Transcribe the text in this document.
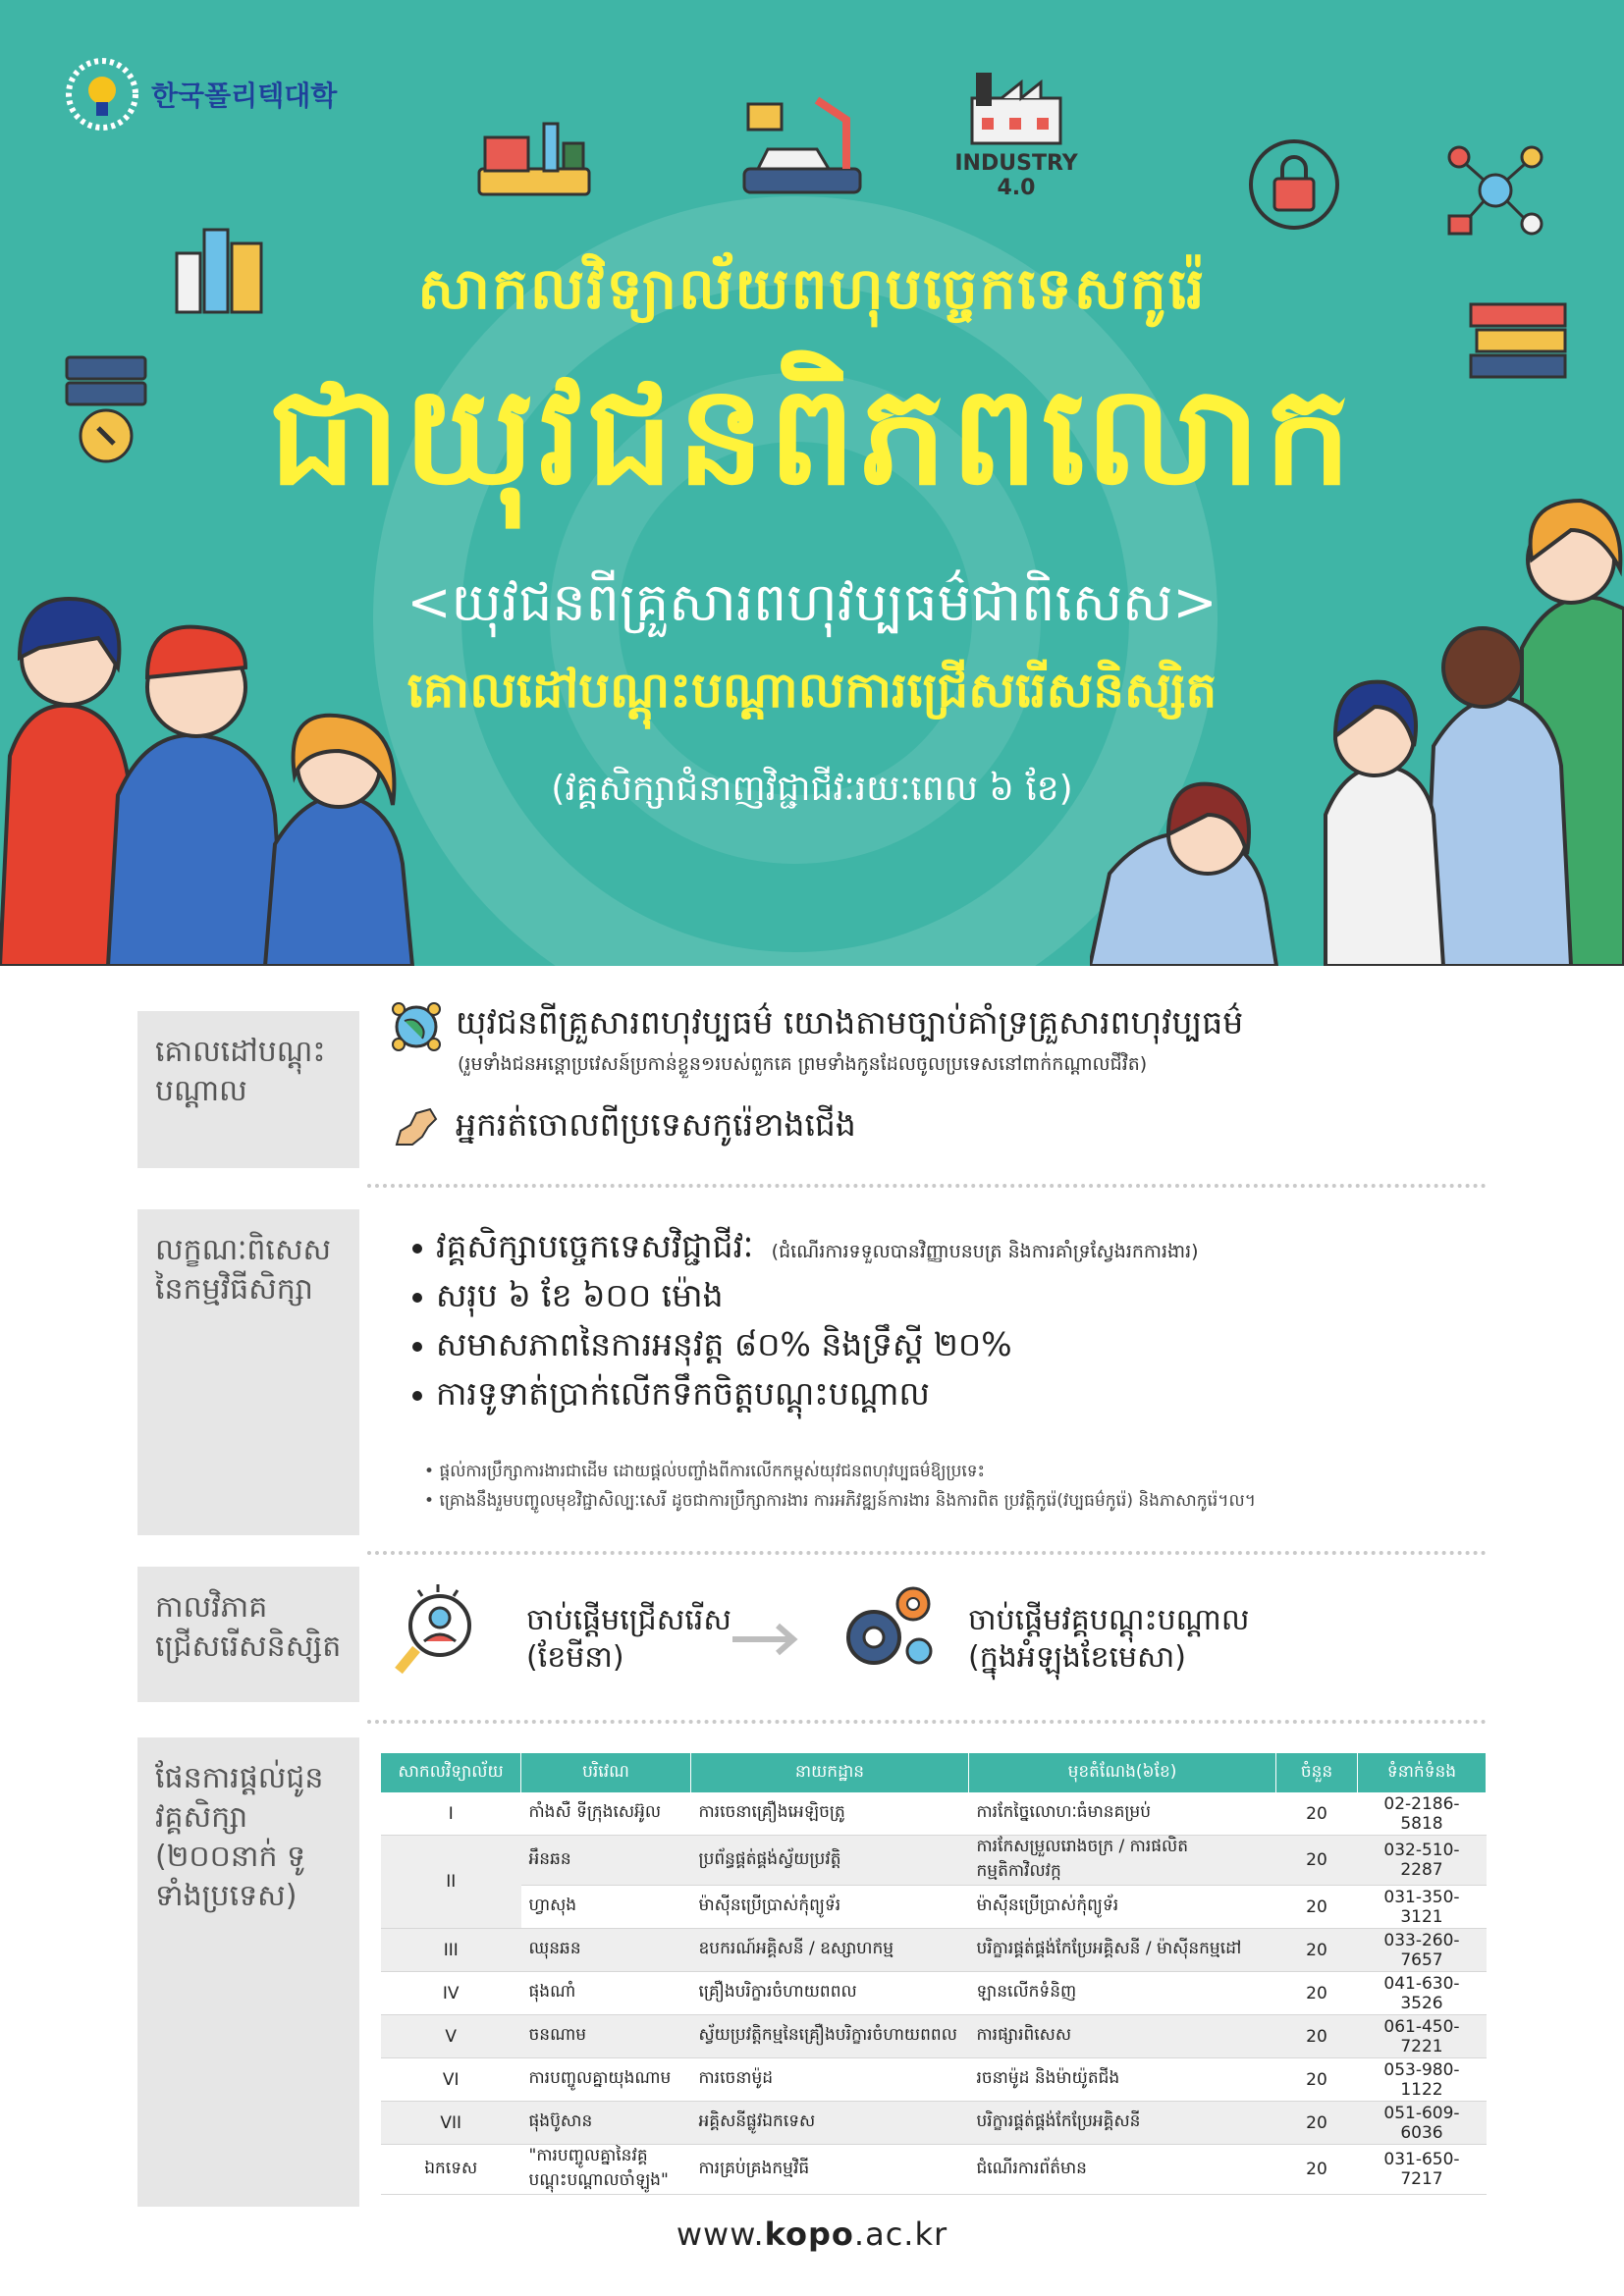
한국폴리텍대학
INDUSTRY
4.0
សាកលវិទ្យាល័យពហុបច្ចេកទេសកូរ៉េ
ជាយុវជនពិភពលោក
<យុវជនពីគ្រួសារពហុវប្បធម៌ជាពិសេស>
គោលដៅបណ្ដុះបណ្ដាលការជ្រើសរើសនិស្សិត
(វគ្គសិក្សាជំនាញវិជ្ជាជីវៈរយៈពេល ៦ ខែ)
គោលដៅបណ្ដុះបណ្ដាល
យុវជនពីគ្រួសារពហុវប្បធម៌ យោងតាមច្បាប់គាំទ្រគ្រួសារពហុវប្បធម៌
(រួមទាំងជនអន្តោប្រវេសន៍ប្រកាន់ខ្លួន១របស់ពួកគេ ព្រមទាំងកូនដែលចូលប្រទេសនៅពាក់កណ្ដាលជីវិត)
អ្នករត់ចោលពីប្រទេសកូរ៉េខាងជើង
លក្ខណៈពិសេសនៃកម្មវិធីសិក្សា
វគ្គសិក្សាបច្ចេកទេសវិជ្ជាជីវៈ (ជំណើរការទទួលបានវិញ្ញាបនបត្រ និងការគាំទ្រស្វែងរកការងារ)
សរុប ៦ ខែ ៦០០ ម៉ោង
សមាសភាពនៃការអនុវត្ត ៨០% និងទ្រឹស្តី ២០%
ការទូទាត់ប្រាក់លើកទឹកចិត្តបណ្ដុះបណ្ដាល
• ផ្ដល់ការប្រឹក្សាការងារជាដើម ដោយផ្តល់បញ្ចាំងពីការលើកកម្ពស់យុវជនពហុវប្បធម៌ឱ្យប្រទេះ
• គ្រោងនឹងរួមបញ្ចូលមុខវិជ្ជាសិល្បៈសេរី ដូចជាការប្រឹក្សាការងារ ការអភិវឌ្ឍន៍ការងារ និងការពិត ប្រវត្តិកូរ៉េ(វប្បធម៌កូរ៉េ) និងភាសាកូរ៉េ។ល។
កាលវិភាគជ្រើសរើសនិស្សិត
ចាប់ផ្តើមជ្រើសរើស
(ខែមីនា)
ចាប់ផ្ដើមវគ្គបណ្ដុះបណ្ដាល
(ក្នុងអំឡុងខែមេសា)
ផែនការផ្ដល់ជូនវគ្គសិក្សា (២០០នាក់ ទូទាំងប្រទេស)
សាកលវិទ្យាល័យ	បរិវេណ	នាយកដ្ឋាន	មុខតំណែង(៦ខែ)	ចំនួន	ទំនាក់ទំនង
I	កាំងសឺ ទីក្រុងសេអ៊ូល	ការចេនាគ្រឿងអេឡិចត្រូ	ការកែច្នៃលោហៈធំមានគម្រប់	20	02-2186-5818
II	អឹនឆន	ប្រព័ន្ធផ្គត់ផ្គង់ស្វ័យប្រវត្តិ	ការកែសម្រួលរោងចក្រ / ការផលិតកម្មតិកាវិលវក្ក	20	032-510-2287
	ហ្វាសុង	ម៉ាស៊ីនប្រើប្រាស់កុំព្យូទ័រ	ម៉ាស៊ីនប្រើប្រាស់កុំព្យូទ័រ	20	031-350-3121
III	ឈុនឆន	ឧបករណ៍អគ្គិសនី / ឧស្សាហកម្ម	បរិក្ខារផ្គត់ផ្គង់កែប្រែអគ្គិសនី / ម៉ាស៊ីនកម្មដៅ	20	033-260-7657
IV	ផុងណាំ	គ្រឿងបរិក្ខារចំហាយពពល	ឡានលើកទំនិញ	20	041-630-3526
V	ចនណាម	ស្វ័យប្រវត្តិកម្មនៃគ្រឿងបរិក្ខារចំហាយពពល	ការផ្សារពិសេស	20	061-450-7221
VI	ការបញ្ចូលគ្នាយុងណាម	ការចេនាម៉ូដ	រចនាម៉ូដ និងម៉ាយ៉ូតជីង	20	053-980-1122
VII	ផុងប៊ូសាន	អគ្គិសនីផ្លូវឯកទេស	បរិក្ខារផ្គត់ផ្គង់កែប្រែអគ្គិសនី	20	051-609-6036
ឯកទេស	"ការបញ្ចូលគ្នានៃវគ្គបណ្ដុះបណ្ដាលចាំឡូង"	ការគ្រប់គ្រងកម្មវិធី	ជំណើរការព័ត៌មាន	20	031-650-7217
www.kopo.ac.kr
